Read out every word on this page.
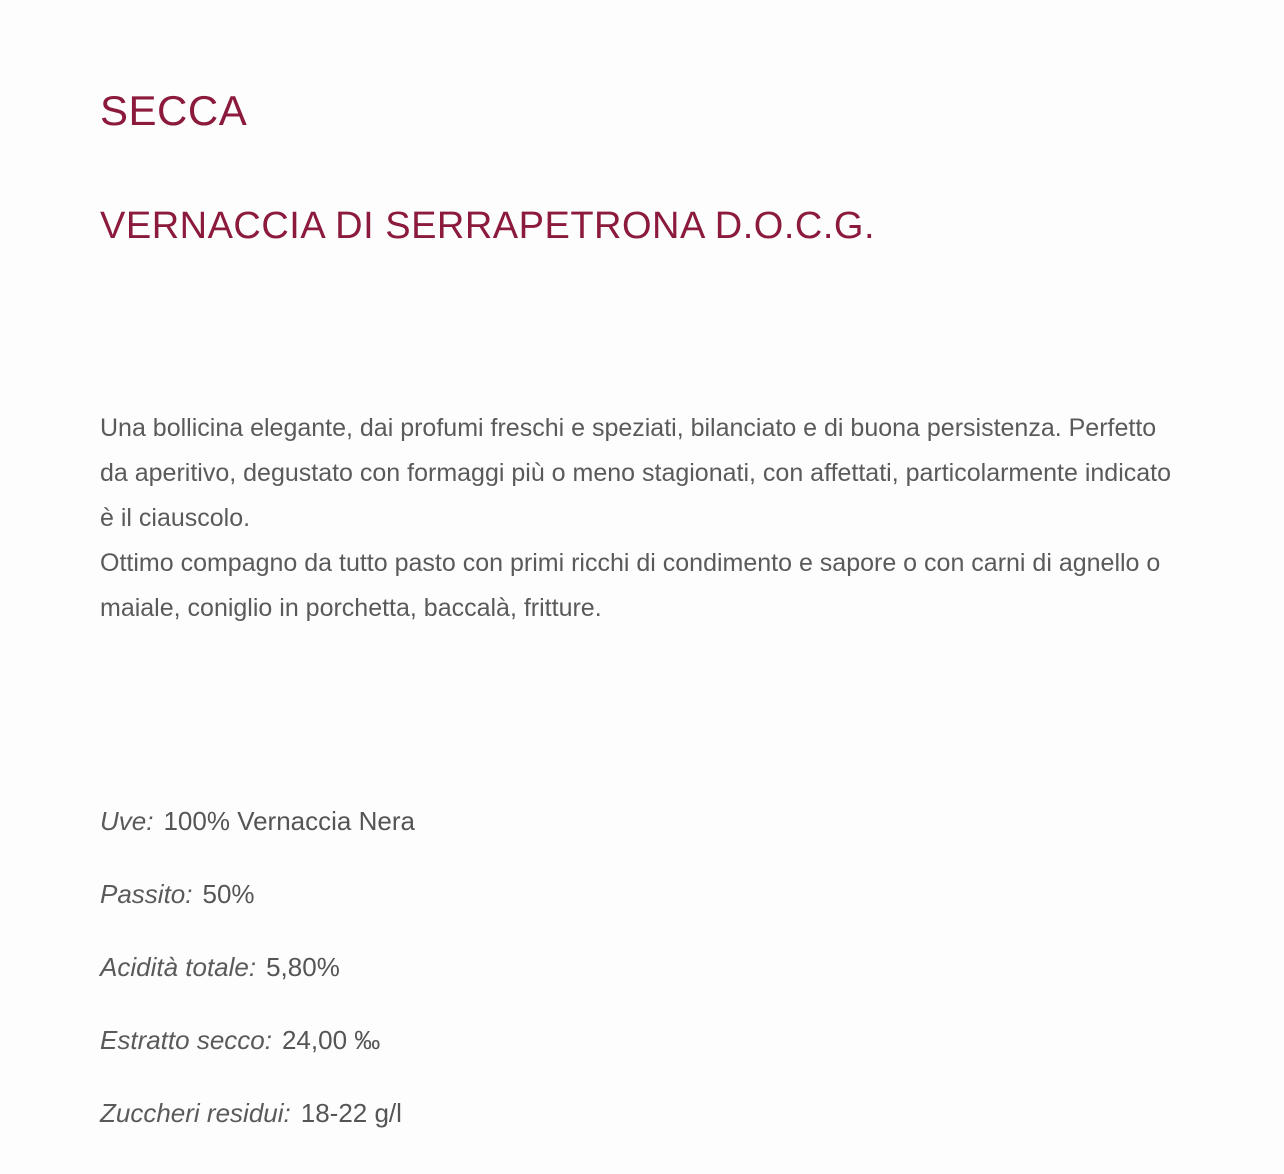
SECCA
VERNACCIA DI SERRAPETRONA D.O.C.G.

Una bollicina elegante, dai profumi freschi e speziati, bilanciato e di buona persistenza. Perfetto da aperitivo, degustato con formaggi più o meno stagionati, con affettati, particolarmente indicato è il ciauscolo.

Ottimo compagno da tutto pasto con primi ricchi di condimento e sapore o con carni di agnello o maiale, coniglio in porchetta, baccalà, fritture.

Uve: 100% Vernaccia Nera
Passito: 50%
Acidità totale: 5,80%
Estratto secco: 24,00 ‰
Zuccheri residui: 18-22 g/l
